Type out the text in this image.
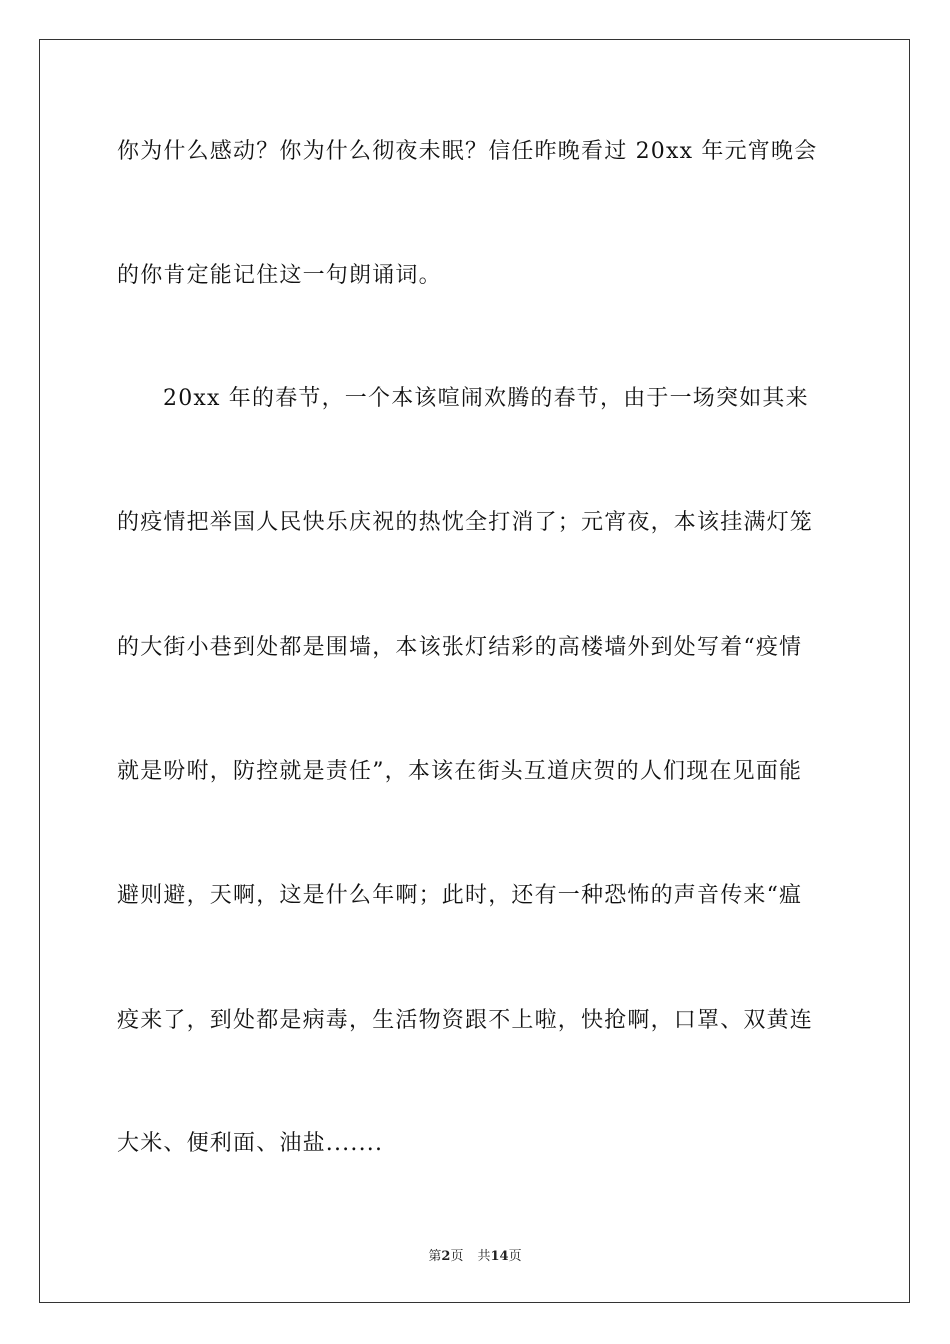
你为什么感动？你为什么彻夜未眠？信任昨晚看过 20xx 年元宵晚会
的你肯定能记住这一句朗诵词。
20xx 年的春节，一个本该喧闹欢腾的春节，由于一场突如其来
的疫情把举国人民快乐庆祝的热忱全打消了；元宵夜，本该挂满灯笼
的大街小巷到处都是围墙，本该张灯结彩的高楼墙外到处写着“疫情
就是吩咐，防控就是责任”，本该在街头互道庆贺的人们现在见面能
避则避，天啊，这是什么年啊；此时，还有一种恐怖的声音传来“瘟
疫来了，到处都是病毒，生活物资跟不上啦，快抢啊，口罩、双黄连
大米、便利面、油盐.......
第2页 共14页
